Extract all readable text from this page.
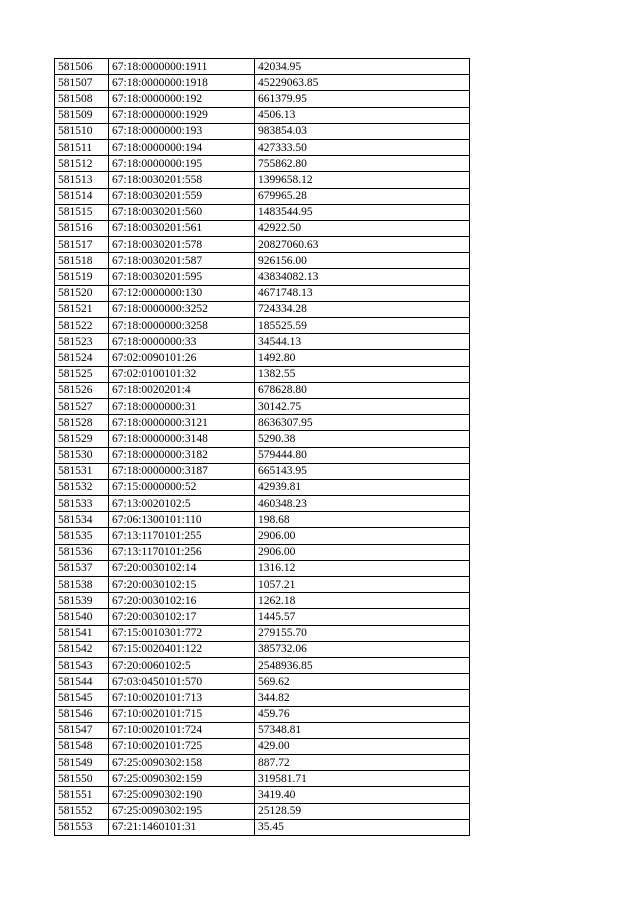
581506	67:18:0000000:1911	42034.95
581507	67:18:0000000:1918	45229063.85
581508	67:18:0000000:192	661379.95
581509	67:18:0000000:1929	4506.13
581510	67:18:0000000:193	983854.03
581511	67:18:0000000:194	427333.50
581512	67:18:0000000:195	755862.80
581513	67:18:0030201:558	1399658.12
581514	67:18:0030201:559	679965.28
581515	67:18:0030201:560	1483544.95
581516	67:18:0030201:561	42922.50
581517	67:18:0030201:578	20827060.63
581518	67:18:0030201:587	926156.00
581519	67:18:0030201:595	43834082.13
581520	67:12:0000000:130	4671748.13
581521	67:18:0000000:3252	724334.28
581522	67:18:0000000:3258	185525.59
581523	67:18:0000000:33	34544.13
581524	67:02:0090101:26	1492.80
581525	67:02:0100101:32	1382.55
581526	67:18:0020201:4	678628.80
581527	67:18:0000000:31	30142.75
581528	67:18:0000000:3121	8636307.95
581529	67:18:0000000:3148	5290.38
581530	67:18:0000000:3182	579444.80
581531	67:18:0000000:3187	665143.95
581532	67:15:0000000:52	42939.81
581533	67:13:0020102:5	460348.23
581534	67:06:1300101:110	198.68
581535	67:13:1170101:255	2906.00
581536	67:13:1170101:256	2906.00
581537	67:20:0030102:14	1316.12
581538	67:20:0030102:15	1057.21
581539	67:20:0030102:16	1262.18
581540	67:20:0030102:17	1445.57
581541	67:15:0010301:772	279155.70
581542	67:15:0020401:122	385732.06
581543	67:20:0060102:5	2548936.85
581544	67:03:0450101:570	569.62
581545	67:10:0020101:713	344.82
581546	67:10:0020101:715	459.76
581547	67:10:0020101:724	57348.81
581548	67:10:0020101:725	429.00
581549	67:25:0090302:158	887.72
581550	67:25:0090302:159	319581.71
581551	67:25:0090302:190	3419.40
581552	67:25:0090302:195	25128.59
581553	67:21:1460101:31	35.45
